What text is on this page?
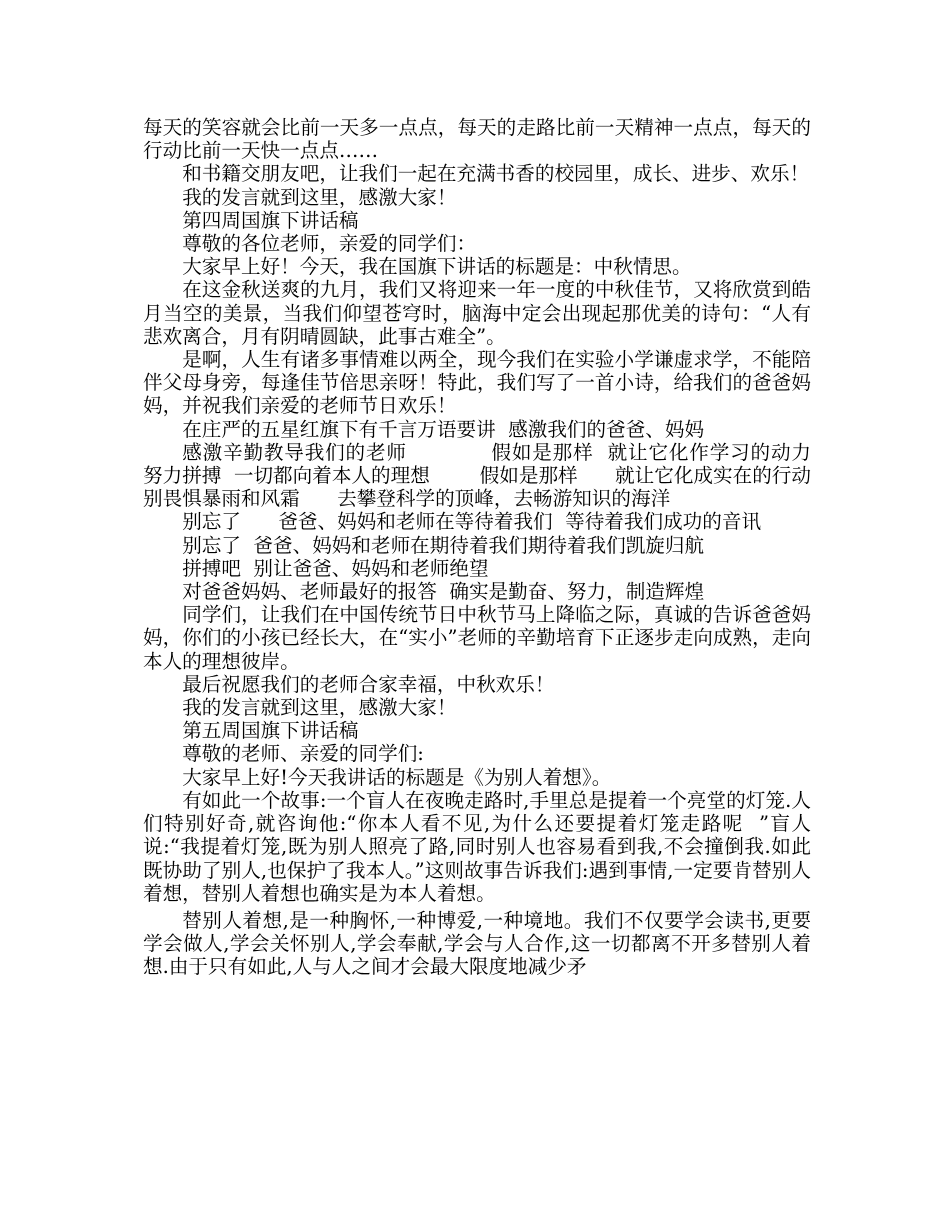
每天的笑容就会比前一天多一点点，每天的走路比前一天精神一点点，每天的行动比前一天快一点点……

和书籍交朋友吧，让我们一起在充满书香的校园里，成长、进步、欢乐！

我的发言就到这里，感激大家！

第四周国旗下讲话稿

尊敬的各位老师，亲爱的同学们：

大家早上好！今天，我在国旗下讲话的标题是：中秋情思。

在这金秋送爽的九月，我们又将迎来一年一度的中秋佳节，又将欣赏到皓月当空的美景，当我们仰望苍穹时，脑海中定会出现起那优美的诗句：“人有悲欢离合，月有阴晴圆缺，此事古难全”。

是啊，人生有诸多事情难以两全，现今我们在实验小学谦虚求学，不能陪伴父母身旁，每逢佳节倍思亲呀！特此，我们写了一首小诗，给我们的爸爸妈妈，并祝我们亲爱的老师节日欢乐！

在庄严的五星红旗下有千言万语要讲  感激我们的爸爸、妈妈

感激辛勤教导我们的老师            假如是那样  就让它化作学习的动力        努力拼搏  一切都向着本人的理想        假如是那样      就让它化成实在的行动  别畏惧暴雨和风霜      去攀登科学的顶峰，去畅游知识的海洋

别忘了      爸爸、妈妈和老师在等待着我们  等待着我们成功的音讯

别忘了  爸爸、妈妈和老师在期待着我们期待着我们凯旋归航

拼搏吧  别让爸爸、妈妈和老师绝望

对爸爸妈妈、老师最好的报答  确实是勤奋、努力，制造辉煌

同学们，让我们在中国传统节日中秋节马上降临之际，真诚的告诉爸爸妈妈，你们的小孩已经长大，在“实小”老师的辛勤培育下正逐步走向成熟，走向本人的理想彼岸。

最后祝愿我们的老师合家幸福，中秋欢乐！

我的发言就到这里，感激大家！

第五周国旗下讲话稿

尊敬的老师、亲爱的同学们:

大家早上好!今天我讲话的标题是《为别人着想》。

有如此一个故事:一个盲人在夜晚走路时,手里总是提着一个亮堂的灯笼.人们特别好奇,就咨询他:“你本人看不见,为什么还要提着灯笼走路呢  ”盲人说:“我提着灯笼,既为别人照亮了路,同时别人也容易看到我,不会撞倒我.如此既协助了别人,也保护了我本人。”这则故事告诉我们:遇到事情,一定要肯替别人着想，替别人着想也确实是为本人着想。

替别人着想,是一种胸怀,一种博爱,一种境地。我们不仅要学会读书,更要学会做人,学会关怀别人,学会奉献,学会与人合作,这一切都离不开多替别人着想.由于只有如此,人与人之间才会最大限度地减少矛
